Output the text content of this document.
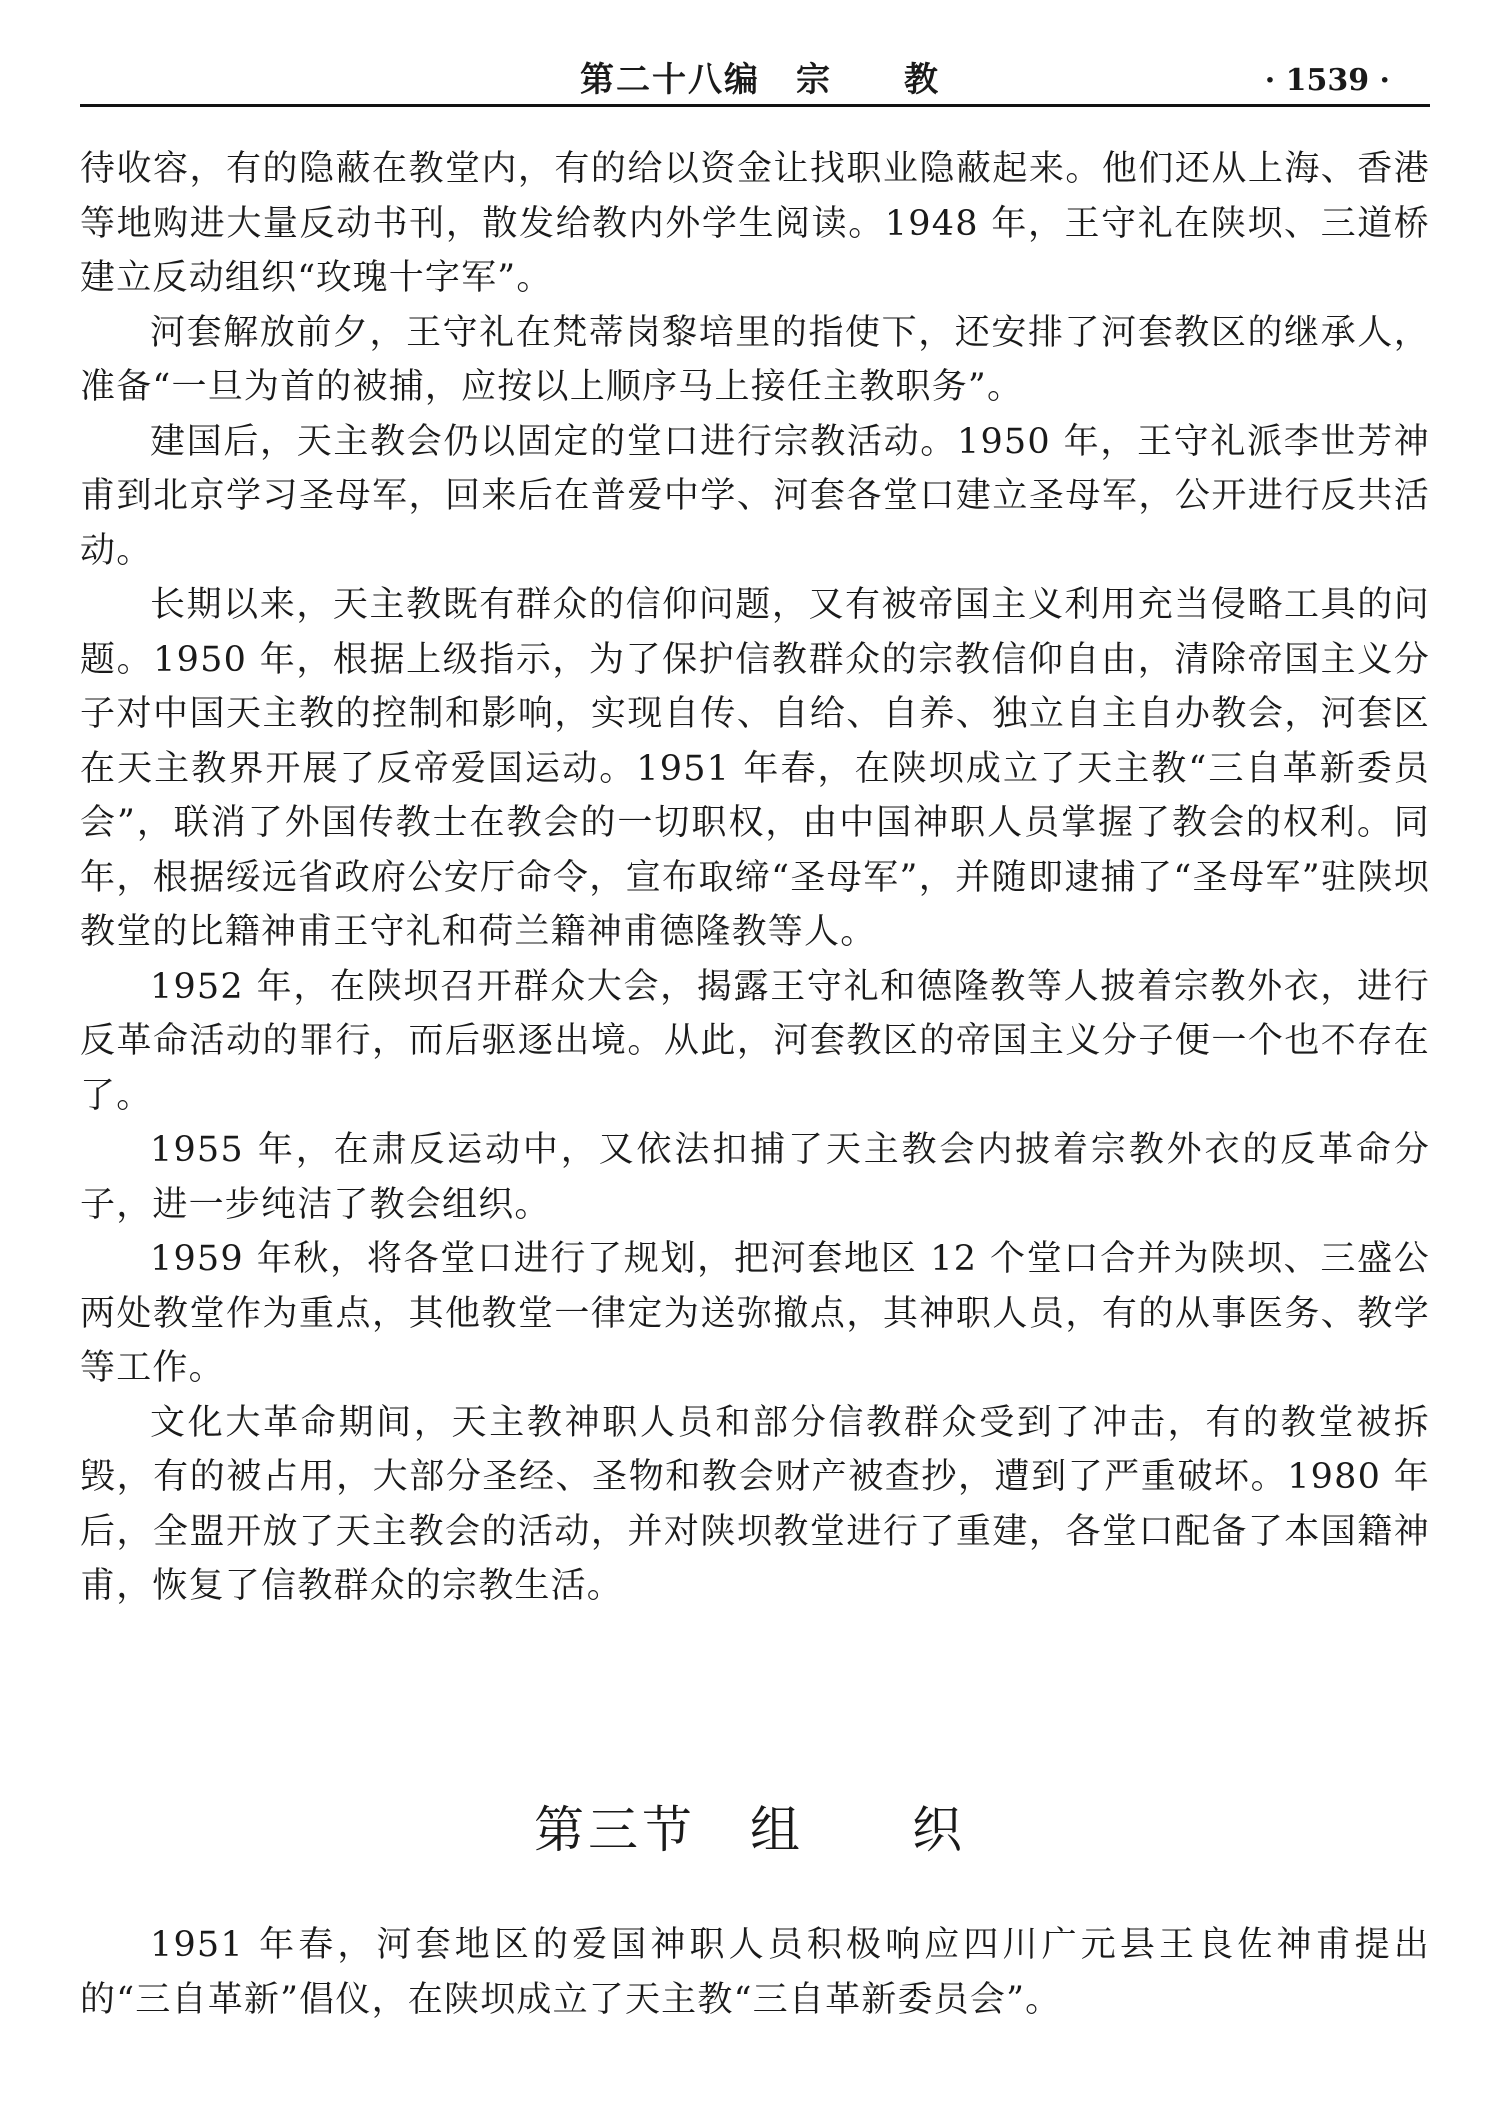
第二十八编　宗　　教	· 1539 ·

待收容，有的隐蔽在教堂内，有的给以资金让找职业隐蔽起来。他们还从上海、香港等地购进大量反动书刊，散发给教内外学生阅读。1948 年，王守礼在陕坝、三道桥建立反动组织“玫瑰十字军”。

河套解放前夕，王守礼在梵蒂岗黎培里的指使下，还安排了河套教区的继承人，准备“一旦为首的被捕，应按以上顺序马上接任主教职务”。

建国后，天主教会仍以固定的堂口进行宗教活动。1950 年，王守礼派李世芳神甫到北京学习圣母军，回来后在普爱中学、河套各堂口建立圣母军，公开进行反共活动。

长期以来，天主教既有群众的信仰问题，又有被帝国主义利用充当侵略工具的问题。1950 年，根据上级指示，为了保护信教群众的宗教信仰自由，清除帝国主义分子对中国天主教的控制和影响，实现自传、自给、自养、独立自主自办教会，河套区在天主教界开展了反帝爱国运动。1951 年春，在陕坝成立了天主教“三自革新委员会”，联消了外国传教士在教会的一切职权，由中国神职人员掌握了教会的权利。同年，根据绥远省政府公安厅命令，宣布取缔“圣母军”，并随即逮捕了“圣母军”驻陕坝教堂的比籍神甫王守礼和荷兰籍神甫德隆教等人。

1952 年，在陕坝召开群众大会，揭露王守礼和德隆教等人披着宗教外衣，进行反革命活动的罪行，而后驱逐出境。从此，河套教区的帝国主义分子便一个也不存在了。

1955 年，在肃反运动中，又依法扣捕了天主教会内披着宗教外衣的反革命分子，进一步纯洁了教会组织。

1959 年秋，将各堂口进行了规划，把河套地区 12 个堂口合并为陕坝、三盛公两处教堂作为重点，其他教堂一律定为送弥撤点，其神职人员，有的从事医务、教学等工作。

文化大革命期间，天主教神职人员和部分信教群众受到了冲击，有的教堂被拆毁，有的被占用，大部分圣经、圣物和教会财产被查抄，遭到了严重破坏。1980 年后，全盟开放了天主教会的活动，并对陕坝教堂进行了重建，各堂口配备了本国籍神甫，恢复了信教群众的宗教生活。

第三节　组　　织

1951 年春，河套地区的爱国神职人员积极响应四川广元县王良佐神甫提出的“三自革新”倡仪，在陕坝成立了天主教“三自革新委员会”。
